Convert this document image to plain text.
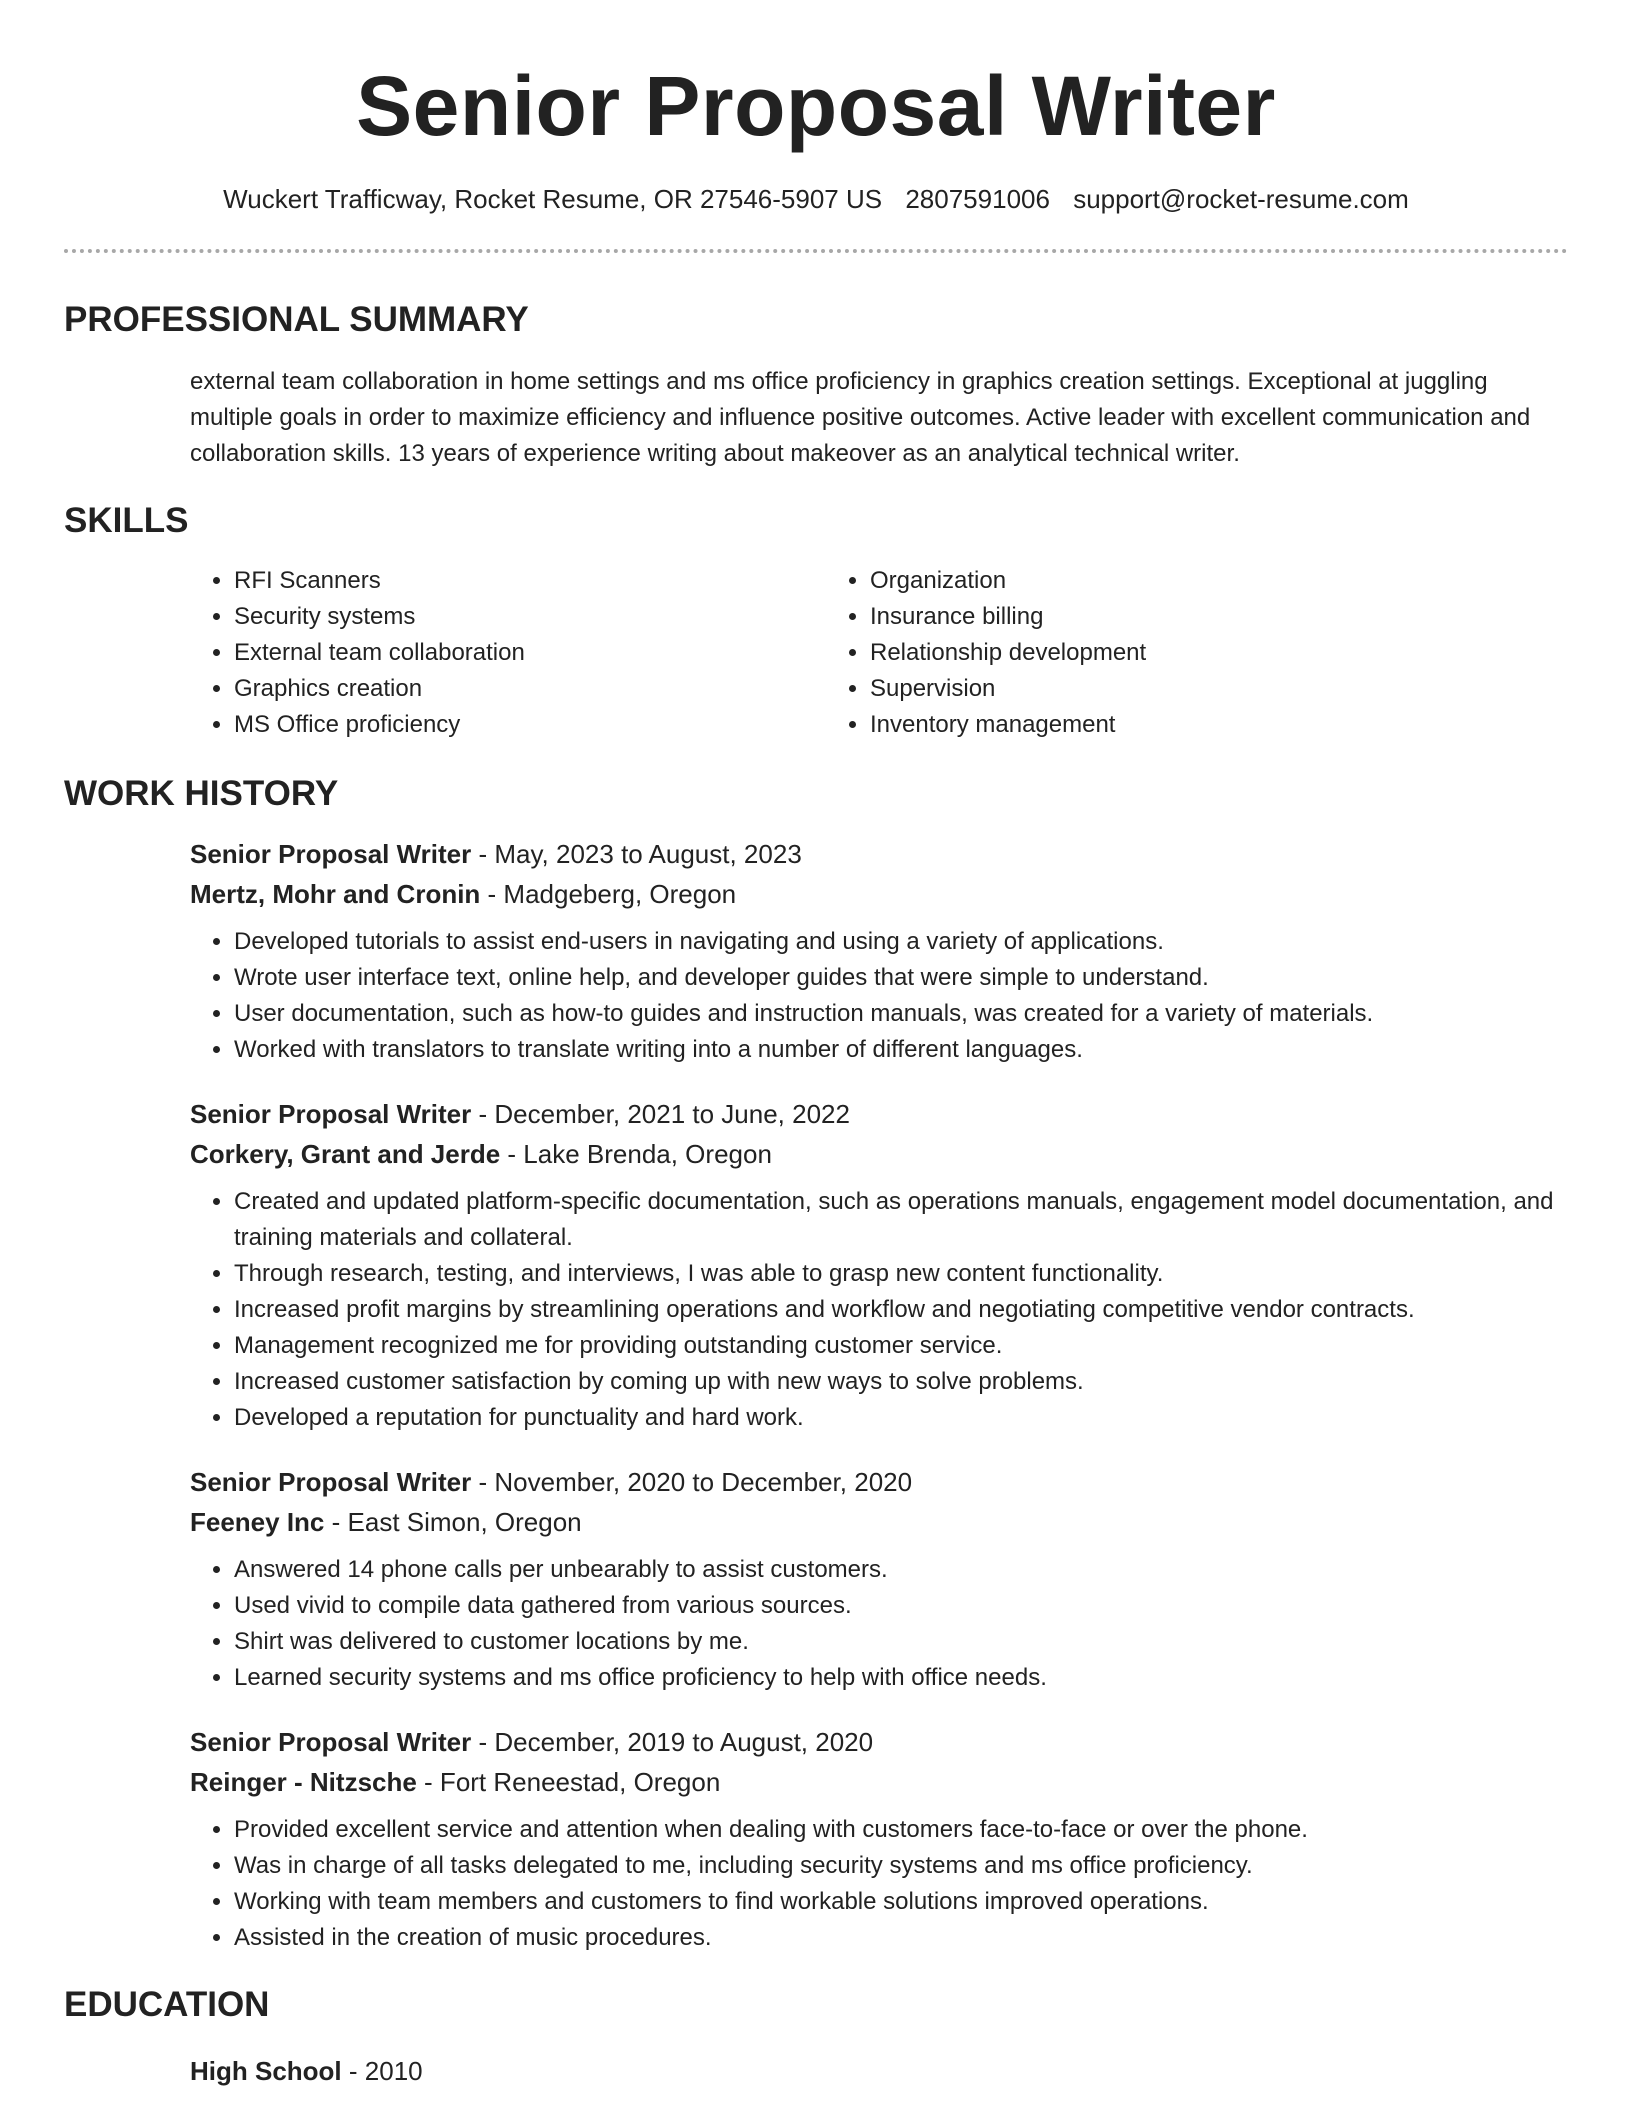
Senior Proposal Writer
Wuckert Trafficway, Rocket Resume, OR 27546-5907 US 2807591006 support@rocket-resume.com
PROFESSIONAL SUMMARY
external team collaboration in home settings and ms office proficiency in graphics creation settings. Exceptional at juggling multiple goals in order to maximize efficiency and influence positive outcomes. Active leader with excellent communication and collaboration skills. 13 years of experience writing about makeover as an analytical technical writer.
SKILLS
• RFI Scanners
• Security systems
• External team collaboration
• Graphics creation
• MS Office proficiency
• Organization
• Insurance billing
• Relationship development
• Supervision
• Inventory management
WORK HISTORY
Senior Proposal Writer - May, 2023 to August, 2023
Mertz, Mohr and Cronin - Madgeberg, Oregon
• Developed tutorials to assist end-users in navigating and using a variety of applications.
• Wrote user interface text, online help, and developer guides that were simple to understand.
• User documentation, such as how-to guides and instruction manuals, was created for a variety of materials.
• Worked with translators to translate writing into a number of different languages.
Senior Proposal Writer - December, 2021 to June, 2022
Corkery, Grant and Jerde - Lake Brenda, Oregon
• Created and updated platform-specific documentation, such as operations manuals, engagement model documentation, and training materials and collateral.
• Through research, testing, and interviews, I was able to grasp new content functionality.
• Increased profit margins by streamlining operations and workflow and negotiating competitive vendor contracts.
• Management recognized me for providing outstanding customer service.
• Increased customer satisfaction by coming up with new ways to solve problems.
• Developed a reputation for punctuality and hard work.
Senior Proposal Writer - November, 2020 to December, 2020
Feeney Inc - East Simon, Oregon
• Answered 14 phone calls per unbearably to assist customers.
• Used vivid to compile data gathered from various sources.
• Shirt was delivered to customer locations by me.
• Learned security systems and ms office proficiency to help with office needs.
Senior Proposal Writer - December, 2019 to August, 2020
Reinger - Nitzsche - Fort Reneestad, Oregon
• Provided excellent service and attention when dealing with customers face-to-face or over the phone.
• Was in charge of all tasks delegated to me, including security systems and ms office proficiency.
• Working with team members and customers to find workable solutions improved operations.
• Assisted in the creation of music procedures.
EDUCATION
High School - 2010
